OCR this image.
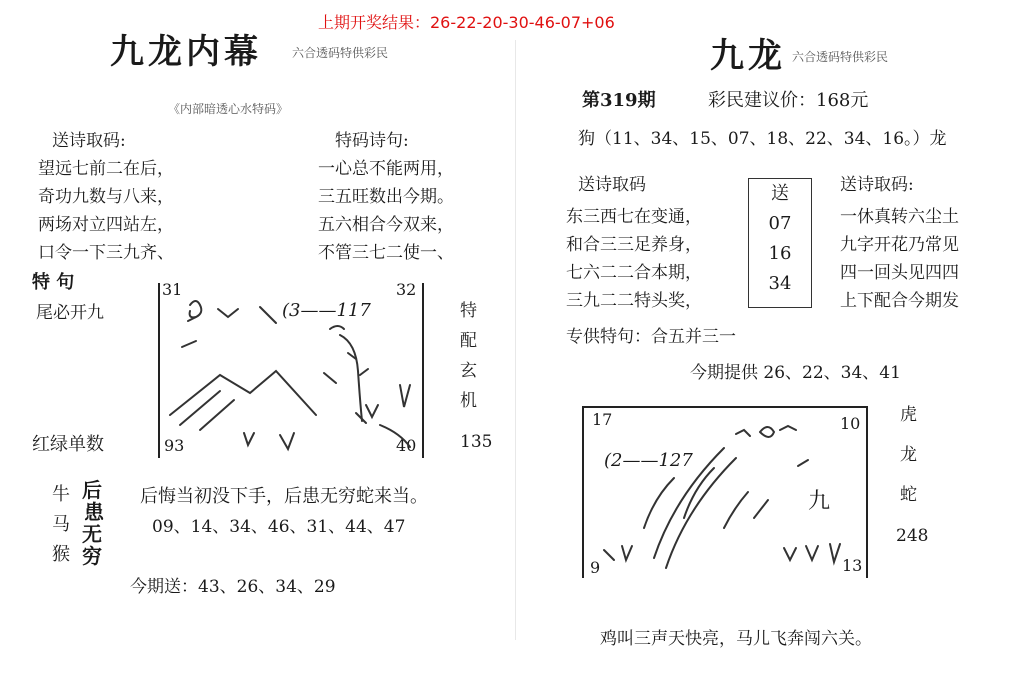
上期开奖结果：26-22-20-30-46-07+06
九龙内幕	六合透码特供彩民
《内部暗透心水特码》
送诗取码:
望远七前二在后，
奇功九数与八来，
两场对立四站左，
口令一下三九齐、
特码诗句:
一心总不能两用，
三五旺数出今期。
五六相合今双来，
不管三七二使一、
特 句
尾必开九
31	32
93	40
(3——117	特
配
玄
机
红绿单数	135
牛
马
猴
后
患
无
穷
后悔当初没下手，后患无穷蛇来当。
09、14、34、46、31、44、47
今期送：43、26、34、29
九龙 六合透码特供彩民
第319期	彩民建议价：168元
狗（11、34、15、07、18、22、34、16。）龙
送诗取码
东三西七在变通，
和合三三足养身，
七六二二合本期，
三九二二特头奖，
送
07
16
34
送诗取码:
一休真转六尘土
九字开花乃常见
四一回头见四四
上下配合今期发
专供特句：合五并三一
今期提供 26、22、34、41
17	10
9	13
(2——127
九
虎
龙
蛇
248
鸡叫三声天快亮，马儿飞奔闯六关。
